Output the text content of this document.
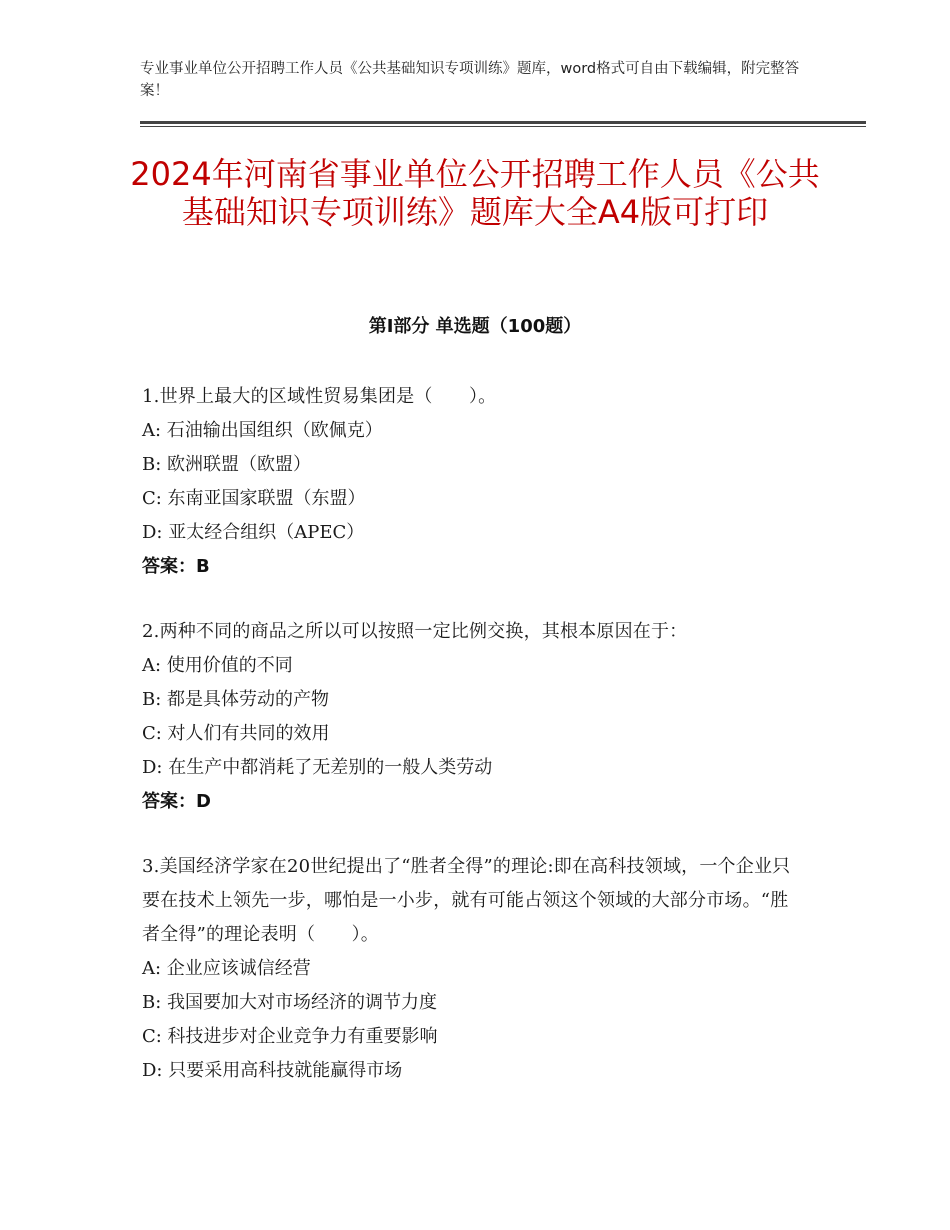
专业事业单位公开招聘工作人员《公共基础知识专项训练》题库，word格式可自由下载编辑，附完整答案！
2024年河南省事业单位公开招聘工作人员《公共基础知识专项训练》题库大全A4版可打印
第Ⅰ部分 单选题（100题）
1.世界上最大的区域性贸易集团是（　　）。
A: 石油输出国组织（欧佩克）
B: 欧洲联盟（欧盟）
C: 东南亚国家联盟（东盟）
D: 亚太经合组织（APEC）
答案：B
2.两种不同的商品之所以可以按照一定比例交换，其根本原因在于：
A: 使用价值的不同
B: 都是具体劳动的产物
C: 对人们有共同的效用
D: 在生产中都消耗了无差别的一般人类劳动
答案：D
3.美国经济学家在20世纪提出了“胜者全得”的理论:即在高科技领域，一个企业只要在技术上领先一步，哪怕是一小步，就有可能占领这个领域的大部分市场。“胜者全得”的理论表明（　　）。
A: 企业应该诚信经营
B: 我国要加大对市场经济的调节力度
C: 科技进步对企业竞争力有重要影响
D: 只要采用高科技就能赢得市场
